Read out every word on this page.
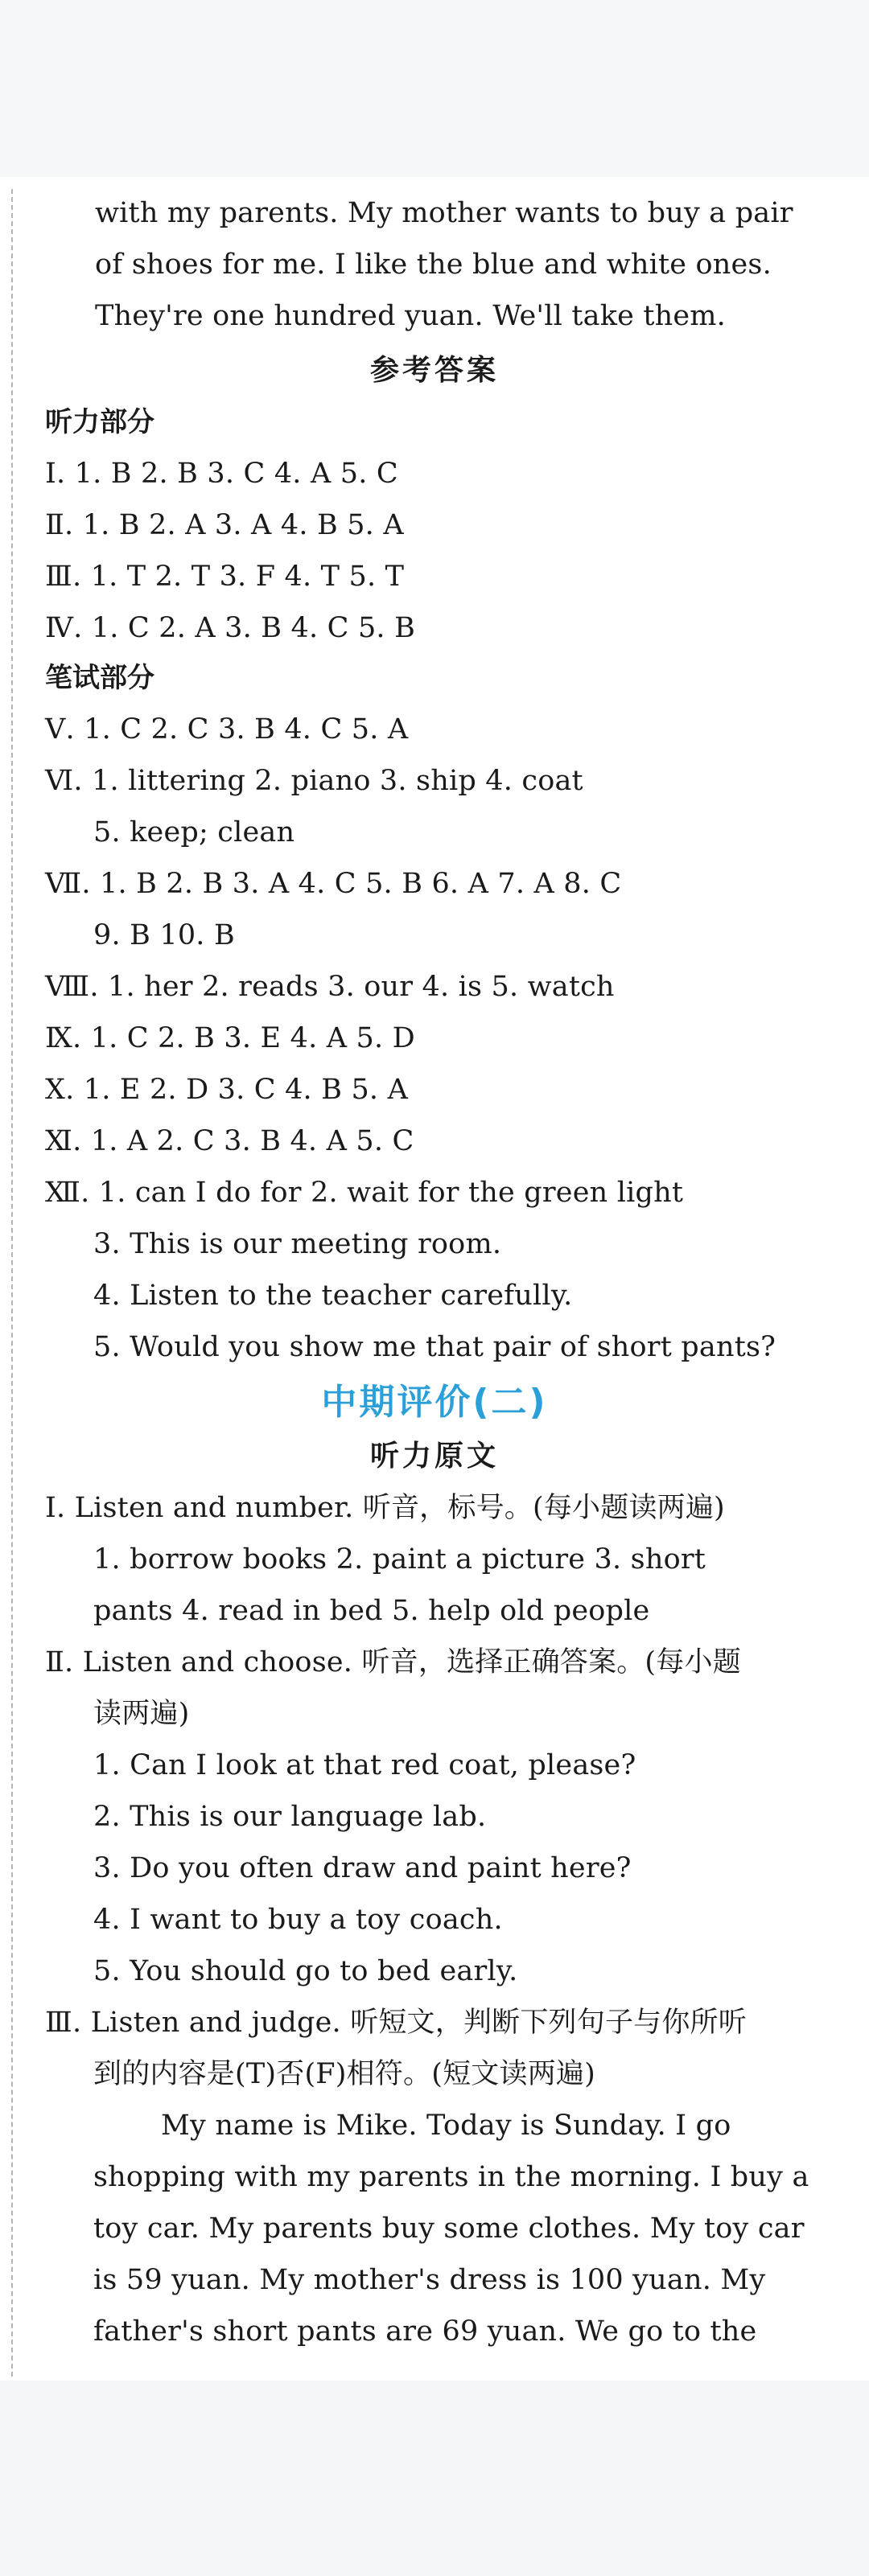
with my parents. My mother wants to buy a pair
of shoes for me. I like the blue and white ones.
They're one hundred yuan. We'll take them.
参考答案
听力部分
Ⅰ. 1. B 2. B 3. C 4. A 5. C
Ⅱ. 1. B 2. A 3. A 4. B 5. A
Ⅲ. 1. T 2. T 3. F 4. T 5. T
Ⅳ. 1. C 2. A 3. B 4. C 5. B
笔试部分
Ⅴ. 1. C 2. C 3. B 4. C 5. A
Ⅵ. 1. littering 2. piano 3. ship 4. coat
5. keep; clean
Ⅶ. 1. B 2. B 3. A 4. C 5. B 6. A 7. A 8. C
9. B 10. B
Ⅷ. 1. her 2. reads 3. our 4. is 5. watch
Ⅸ. 1. C 2. B 3. E 4. A 5. D
Ⅹ. 1. E 2. D 3. C 4. B 5. A
Ⅺ. 1. A 2. C 3. B 4. A 5. C
Ⅻ. 1. can I do for 2. wait for the green light
3. This is our meeting room.
4. Listen to the teacher carefully.
5. Would you show me that pair of short pants?
中期评价(二)
听力原文
Ⅰ. Listen and number. 听音，标号。(每小题读两遍)
1. borrow books 2. paint a picture 3. short
pants 4. read in bed 5. help old people
Ⅱ. Listen and choose. 听音，选择正确答案。(每小题
读两遍)
1. Can I look at that red coat, please?
2. This is our language lab.
3. Do you often draw and paint here?
4. I want to buy a toy coach.
5. You should go to bed early.
Ⅲ. Listen and judge. 听短文，判断下列句子与你所听
到的内容是(T)否(F)相符。(短文读两遍)
My name is Mike. Today is Sunday. I go
shopping with my parents in the morning. I buy a
toy car. My parents buy some clothes. My toy car
is 59 yuan. My mother's dress is 100 yuan. My
father's short pants are 69 yuan. We go to the
